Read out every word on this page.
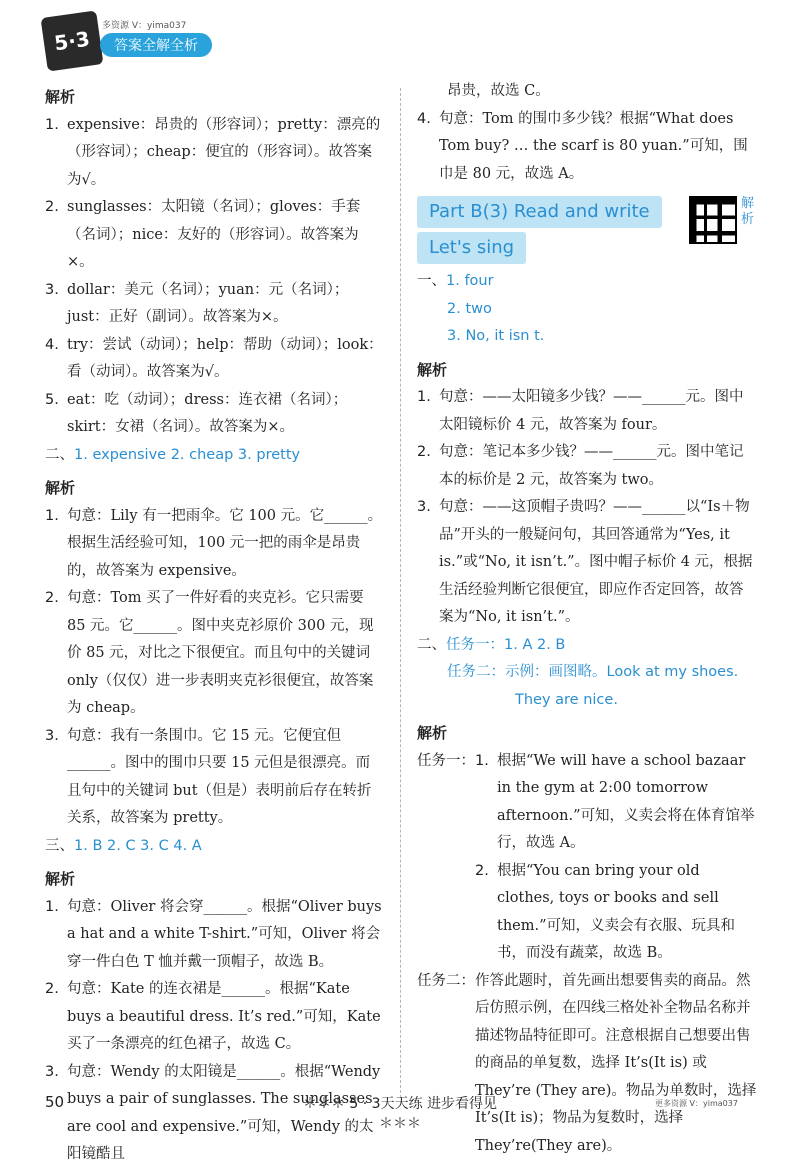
5·3
多资源 V：yima037
答案全解全析
解析
1. expensive：昂贵的（形容词）；pretty：漂亮的（形容词）；cheap：便宜的（形容词）。故答案为√。
2. sunglasses：太阳镜（名词）；gloves：手套（名词）；nice：友好的（形容词）。故答案为×。
3. dollar：美元（名词）；yuan：元（名词）；just：正好（副词）。故答案为×。
4. try：尝试（动词）；help：帮助（动词）；look：看（动词）。故答案为√。
5. eat：吃（动词）；dress：连衣裙（名词）；skirt：女裙（名词）。故答案为×。
二、1. expensive 2. cheap 3. pretty
解析
1. 句意：Lily 有一把雨伞。它 100 元。它______。根据生活经验可知，100 元一把的雨伞是昂贵的，故答案为 expensive。
2. 句意：Tom 买了一件好看的夹克衫。它只需要 85 元。它______。图中夹克衫原价 300 元，现价 85 元，对比之下很便宜。而且句中的关键词 only（仅仅）进一步表明夹克衫很便宜，故答案为 cheap。
3. 句意：我有一条围巾。它 15 元。它便宜但______。图中的围巾只要 15 元但是很漂亮。而且句中的关键词 but（但是）表明前后存在转折关系，故答案为 pretty。
三、1. B 2. C 3. C 4. A
解析
1. 句意：Oliver 将会穿______。根据“Oliver buys a hat and a white T-shirt.”可知，Oliver 将会穿一件白色 T 恤并戴一顶帽子，故选 B。
2. 句意：Kate 的连衣裙是______。根据“Kate buys a beautiful dress. It’s red.”可知，Kate 买了一条漂亮的红色裙子，故选 C。
3. 句意：Wendy 的太阳镜是______。根据“Wendy buys a pair of sunglasses. The sunglasses are cool and expensive.”可知，Wendy 的太阳镜酷且
昂贵，故选 C。
4. 句意：Tom 的围巾多少钱？根据“What does Tom buy? … the scarf is 80 yuan.”可知，围巾是 80 元，故选 A。
Part B(3) Read and write
Let's sing
解析
一、1. four
2. two
3. No, it isn t.
解析
1. 句意：——太阳镜多少钱？——______元。图中太阳镜标价 4 元，故答案为 four。
2. 句意：笔记本多少钱？——______元。图中笔记本的标价是 2 元，故答案为 two。
3. 句意：——这顶帽子贵吗？——______以“Is＋物品”开头的一般疑问句，其回答通常为“Yes, it is.”或“No, it isn’t.”。图中帽子标价 4 元，根据生活经验判断它很便宜，即应作否定回答，故答案为“No, it isn’t.”。
二、任务一：1. A 2. B
任务二：示例：画图略。Look at my shoes.
They are nice.
解析
任务一： 1. 根据“We will have a school bazaar in the gym at 2:00 tomorrow afternoon.”可知，义卖会将在体育馆举行，故选 A。
2. 根据“You can bring your old clothes, toys or books and sell them.”可知，义卖会有衣服、玩具和书，而没有蔬菜，故选 B。
任务二： 作答此题时，首先画出想要售卖的商品。然后仿照示例，在四线三格处补全物品名称并描述物品特征即可。注意根据自己想要出售的商品的单复数，选择 It’s(It is) 或 They’re (They are)。物品为单数时，选择 It’s(It is)；物品为复数时，选择 They’re(They are)。
50	＊＊＊ 5 · 3天天练 进步看得见 ＊＊＊
更多资源 V：yima037
